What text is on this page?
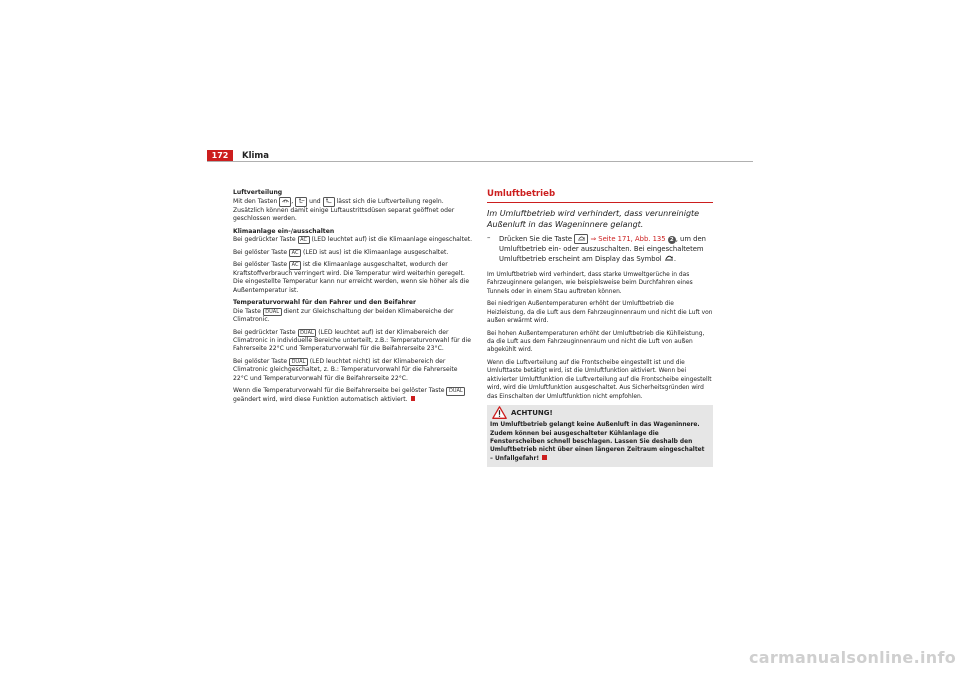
172	Klima

Luftverteilung

Mit den Tasten ,	und	lässt sich die Luftverteilung regeln. Zusätzlich können damit einige Luftaustrittsdüsen separat geöffnet oder geschlossen werden.

Klimaanlage ein-/ausschalten

Bei gedrückter Taste AC (LED leuchtet auf) ist die Klimaanlage eingeschaltet.

Bei gelöster Taste AC (LED ist aus) ist die Klimaanlage ausgeschaltet.

Bei gelöster Taste AC ist die Klimaanlage ausgeschaltet, wodurch der Kraftstoffverbrauch verringert wird. Die Temperatur wird weiterhin geregelt. Die eingestellte Temperatur kann nur erreicht werden, wenn sie höher als die Außentemperatur ist.

Temperaturvorwahl für den Fahrer und den Beifahrer

Die Taste DUAL dient zur Gleichschaltung der beiden Klimabereiche der Climatronic.

Bei gedrückter Taste DUAL (LED leuchtet auf) ist der Klimabereich der Climatronic in individuelle Bereiche unterteilt, z.B.: Temperaturvorwahl für die Fahrerseite 22°C und Temperaturvorwahl für die Beifahrerseite 23°C.

Bei gelöster Taste DUAL (LED leuchtet nicht) ist der Klimabereich der Climatronic gleichgeschaltet, z. B.: Temperaturvorwahl für die Fahrerseite 22°C und Temperaturvorwahl für die Beifahrerseite 22°C.

Wenn die Temperaturvorwahl für die Beifahrerseite bei gelöster Taste DUAL geändert wird, wird diese Funktion automatisch aktiviert.

Umluftbetrieb
Im Umluftbetrieb wird verhindert, dass verunreinigte Außenluft in das Wageninnere gelangt.
–	Drücken Sie die Taste	⇒ Seite 171, Abb. 135 2 , um den Umluftbetrieb ein- oder auszuschalten. Bei eingeschaltetem Umluftbetrieb erscheint am Display das Symbol .

Im Umluftbetrieb wird verhindert, dass starke Umweltgerüche in das Fahrzeuginnere gelangen, wie beispielsweise beim Durchfahren eines Tunnels oder in einem Stau auftreten können.

Bei niedrigen Außentemperaturen erhöht der Umluftbetrieb die Heizleistung, da die Luft aus dem Fahrzeuginnenraum und nicht die Luft von außen erwärmt wird.

Bei hohen Außentemperaturen erhöht der Umluftbetrieb die Kühlleistung, da die Luft aus dem Fahrzeuginnenraum und nicht die Luft von außen abgekühlt wird.

Wenn die Luftverteilung auf die Frontscheibe eingestellt ist und die Umlufttaste betätigt wird, ist die Umluftfunktion aktiviert. Wenn bei aktivierter Umluftfunktion die Luftverteilung auf die Frontscheibe eingestellt wird, wird die Umluftfunktion ausgeschaltet. Aus Sicherheitsgründen wird das Einschalten der Umluftfunktion nicht empfohlen.

ACHTUNG!
Im Umluftbetrieb gelangt keine Außenluft in das Wageninnere. Zudem können bei ausgeschalteter Kühlanlage die Fensterscheiben schnell beschlagen. Lassen Sie deshalb den Umluftbetrieb nicht über einen längeren Zeitraum eingeschaltet – Unfallgefahr!
carmanualsonline.info
